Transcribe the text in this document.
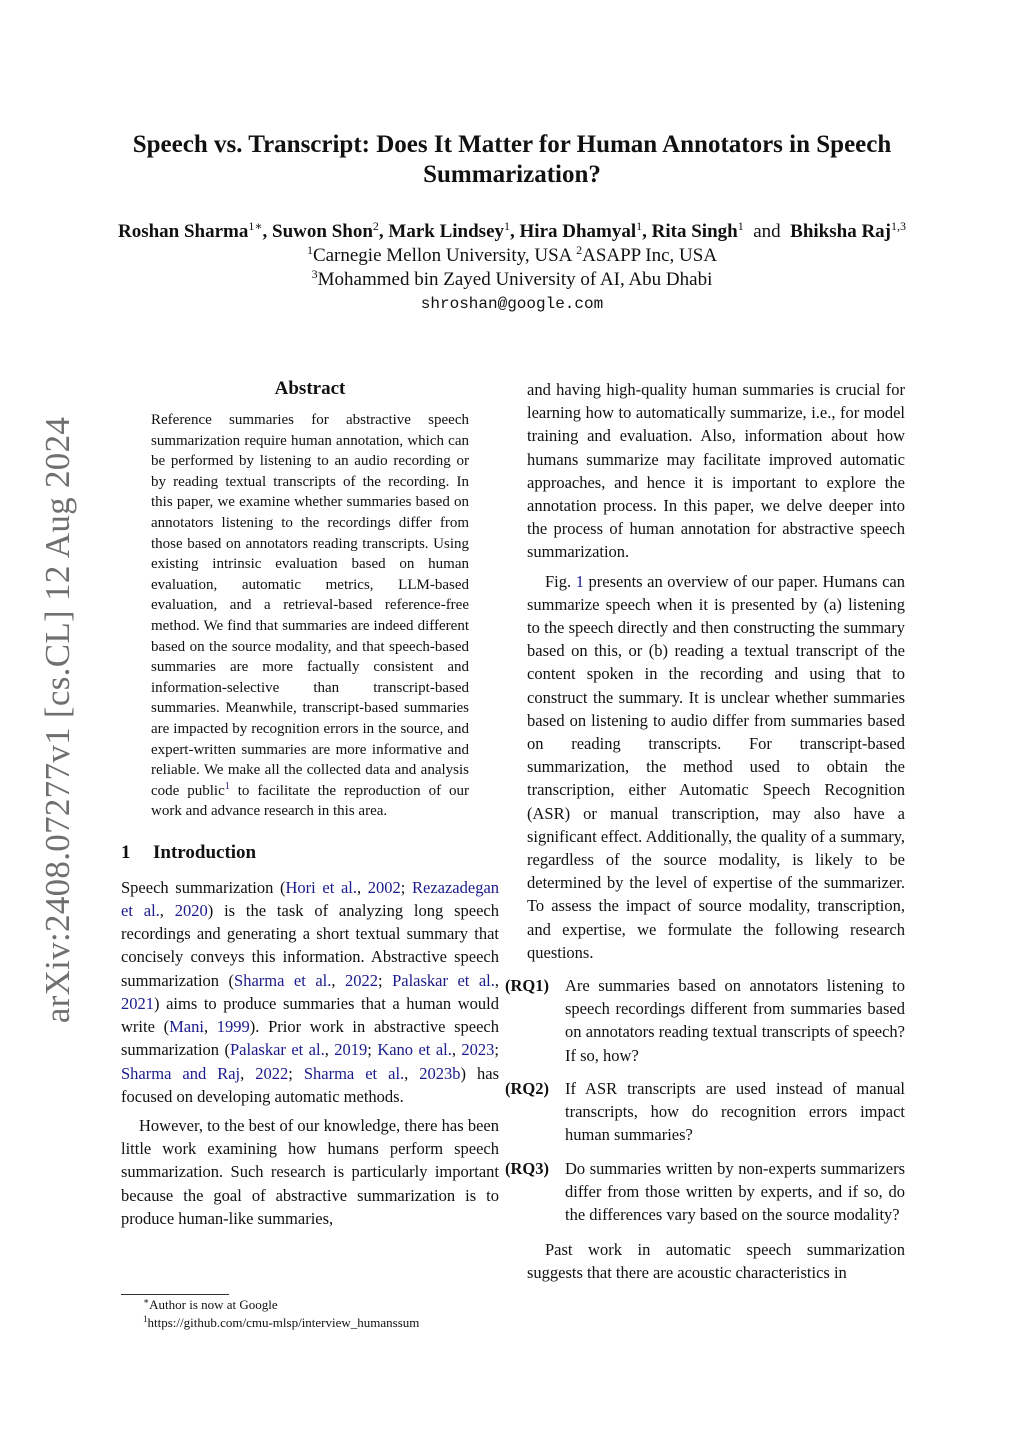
arXiv:2408.07277v1 [cs.CL] 12 Aug 2024
Speech vs. Transcript: Does It Matter for Human Annotators in Speech
Summarization?
Roshan Sharma$^{1∗}$, Suwon Shon$^2$, Mark Lindsey$^1$, Hira Dhamyal$^1$, Rita Singh$^1$  and  Bhiksha Raj$^{1,3}$
$^1$Carnegie Mellon University, USA $^2$ASAPP Inc, USA
$^3$Mohammed bin Zayed University of AI, Abu Dhabi
shroshan@google.com
Abstract
Reference summaries for abstractive speech summarization require human annotation, which can be performed by listening to an audio recording or by reading textual transcripts of the recording. In this paper, we examine whether summaries based on annotators listening to the recordings differ from those based on annotators reading transcripts. Using existing intrinsic evaluation based on human evaluation, automatic metrics, LLM-based evaluation, and a retrieval-based reference-free method. We find that summaries are indeed different based on the source modality, and that speech-based summaries are more factually consistent and information-selective than transcript-based summaries. Meanwhile, transcript-based summaries are impacted by recognition errors in the source, and expert-written summaries are more informative and reliable. We make all the collected data and analysis code public$^1$ to facilitate the reproduction of our work and advance research in this area.
1 Introduction

Speech summarization (Hori et al., 2002; Rezazadegan et al., 2020) is the task of analyzing long speech recordings and generating a short textual summary that concisely conveys this information. Abstractive speech summarization (Sharma et al., 2022; Palaskar et al., 2021) aims to produce summaries that a human would write (Mani, 1999). Prior work in abstractive speech summarization (Palaskar et al., 2019; Kano et al., 2023; Sharma and Raj, 2022; Sharma et al., 2023b) has focused on developing automatic methods.

However, to the best of our knowledge, there has been little work examining how humans perform speech summarization. Such research is particularly important because the goal of abstractive summarization is to produce human-like summaries,

∗Author is now at Google
$^1$https://github.com/cmu-mlsp/interview_humanssum

and having high-quality human summaries is crucial for learning how to automatically summarize, i.e., for model training and evaluation. Also, information about how humans summarize may facilitate improved automatic approaches, and hence it is important to explore the annotation process. In this paper, we delve deeper into the process of human annotation for abstractive speech summarization.

Fig. 1 presents an overview of our paper. Humans can summarize speech when it is presented by (a) listening to the speech directly and then constructing the summary based on this, or (b) reading a textual transcript of the content spoken in the recording and using that to construct the summary. It is unclear whether summaries based on listening to audio differ from summaries based on reading transcripts. For transcript-based summarization, the method used to obtain the transcription, either Automatic Speech Recognition (ASR) or manual transcription, may also have a significant effect. Additionally, the quality of a summary, regardless of the source modality, is likely to be determined by the level of expertise of the summarizer. To assess the impact of source modality, transcription, and expertise, we formulate the following research questions.

(RQ1) Are summaries based on annotators listening to speech recordings different from summaries based on annotators reading textual transcripts of speech? If so, how?
(RQ2) If ASR transcripts are used instead of manual transcripts, how do recognition errors impact human summaries?
(RQ3) Do summaries written by non-experts summarizers differ from those written by experts, and if so, do the differences vary based on the source modality?

Past work in automatic speech summarization suggests that there are acoustic characteristics in
